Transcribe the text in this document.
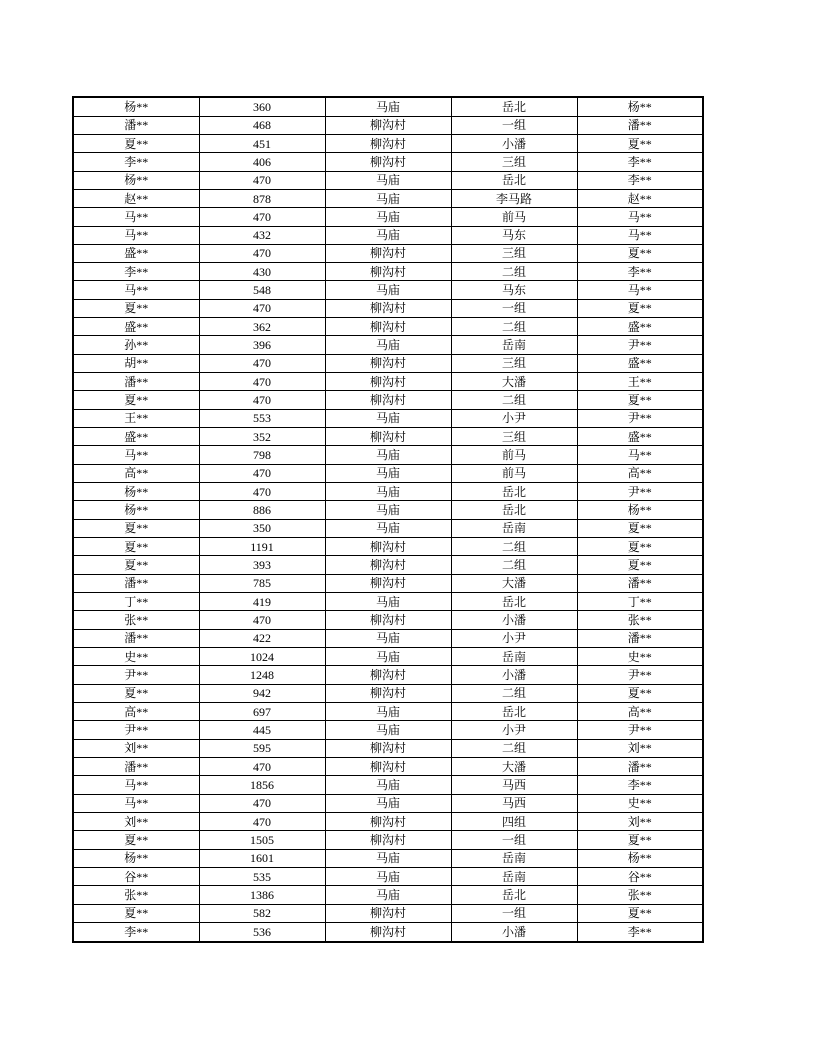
杨**	360	马庙	岳北	杨**
潘**	468	柳沟村	一组	潘**
夏**	451	柳沟村	小潘	夏**
李**	406	柳沟村	三组	李**
杨**	470	马庙	岳北	李**
赵**	878	马庙	李马路	赵**
马**	470	马庙	前马	马**
马**	432	马庙	马东	马**
盛**	470	柳沟村	三组	夏**
李**	430	柳沟村	二组	李**
马**	548	马庙	马东	马**
夏**	470	柳沟村	一组	夏**
盛**	362	柳沟村	二组	盛**
孙**	396	马庙	岳南	尹**
胡**	470	柳沟村	三组	盛**
潘**	470	柳沟村	大潘	王**
夏**	470	柳沟村	二组	夏**
王**	553	马庙	小尹	尹**
盛**	352	柳沟村	三组	盛**
马**	798	马庙	前马	马**
高**	470	马庙	前马	高**
杨**	470	马庙	岳北	尹**
杨**	886	马庙	岳北	杨**
夏**	350	马庙	岳南	夏**
夏**	1191	柳沟村	二组	夏**
夏**	393	柳沟村	二组	夏**
潘**	785	柳沟村	大潘	潘**
丁**	419	马庙	岳北	丁**
张**	470	柳沟村	小潘	张**
潘**	422	马庙	小尹	潘**
史**	1024	马庙	岳南	史**
尹**	1248	柳沟村	小潘	尹**
夏**	942	柳沟村	二组	夏**
高**	697	马庙	岳北	高**
尹**	445	马庙	小尹	尹**
刘**	595	柳沟村	二组	刘**
潘**	470	柳沟村	大潘	潘**
马**	1856	马庙	马西	李**
马**	470	马庙	马西	史**
刘**	470	柳沟村	四组	刘**
夏**	1505	柳沟村	一组	夏**
杨**	1601	马庙	岳南	杨**
谷**	535	马庙	岳南	谷**
张**	1386	马庙	岳北	张**
夏**	582	柳沟村	一组	夏**
李**	536	柳沟村	小潘	李**
